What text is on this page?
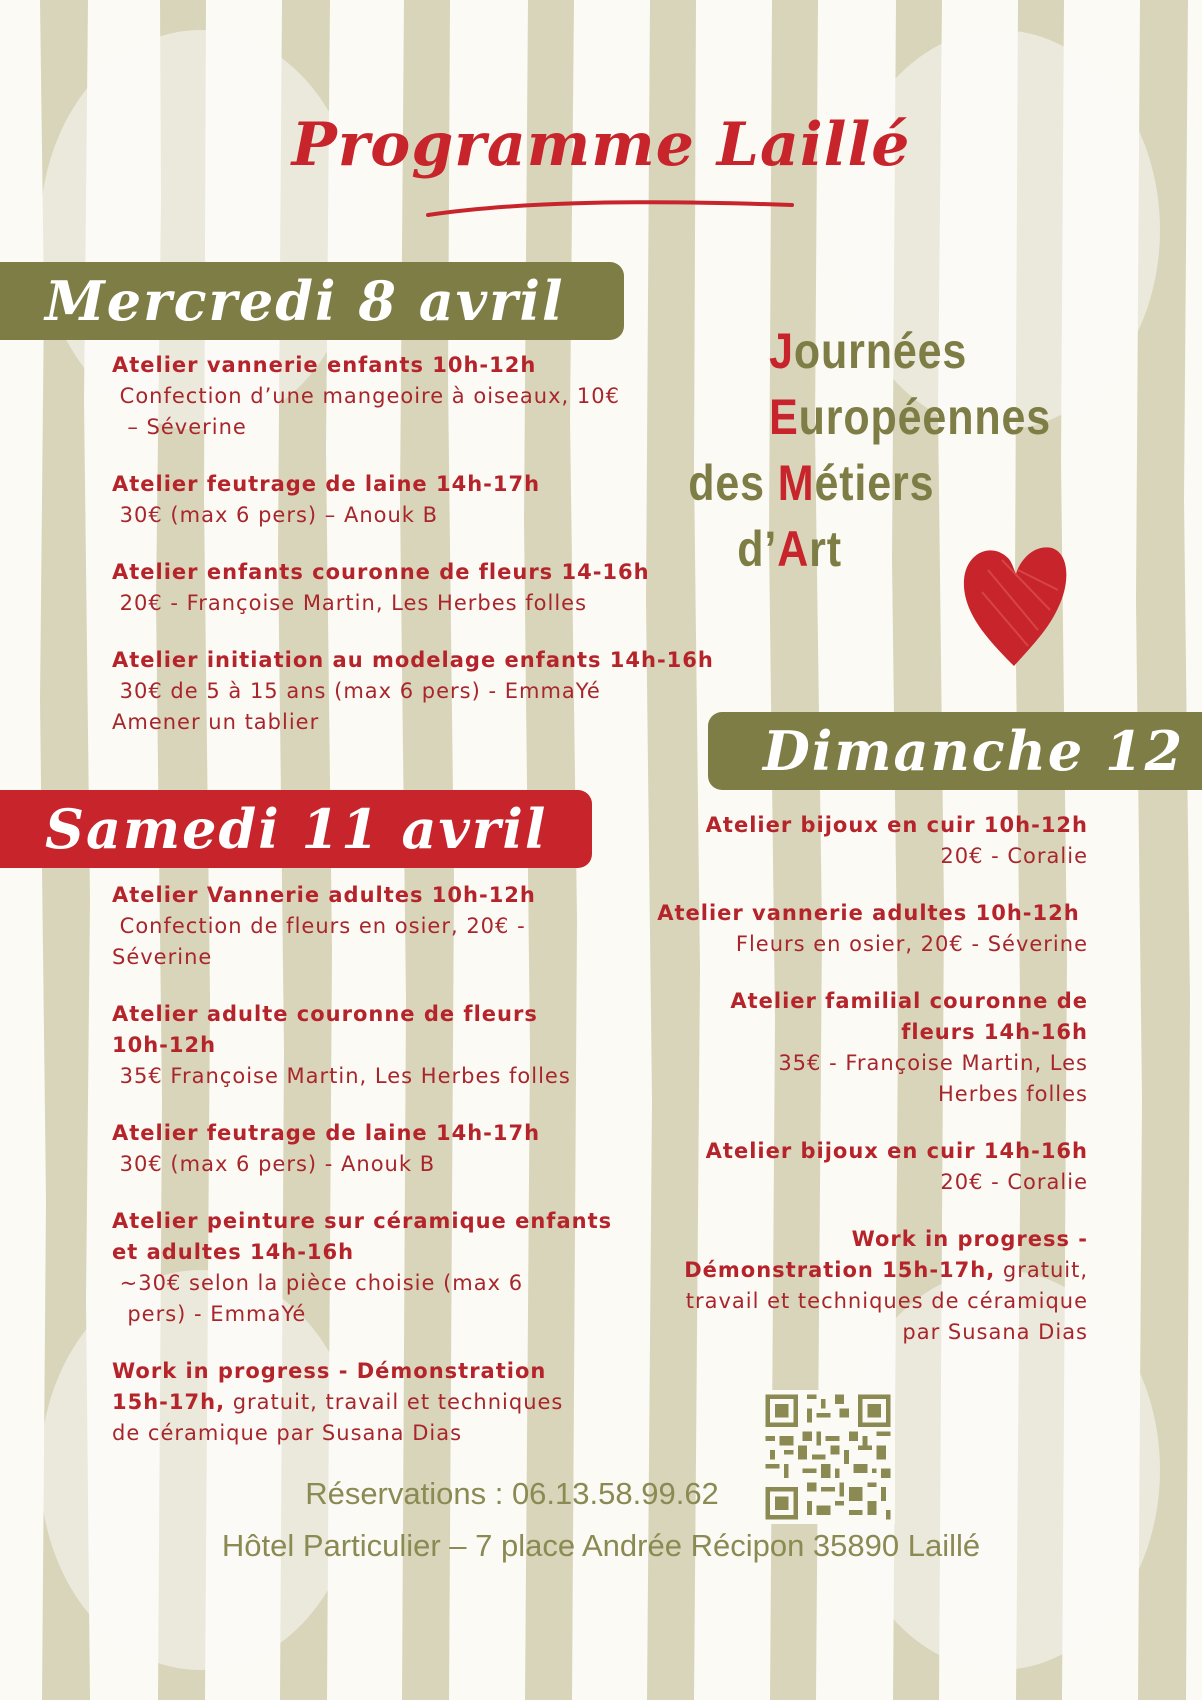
Programme Laillé
Mercredi 8 avril
Atelier vannerie enfants 10h-12h
Confection d’une mangeoire à oiseaux, 10€
– Séverine
Atelier feutrage de laine 14h-17h
30€ (max 6 pers) – Anouk B
Atelier enfants couronne de fleurs 14-16h
20€ - Françoise Martin, Les Herbes folles
Atelier initiation au modelage enfants 14h-16h
30€ de 5 à 15 ans (max 6 pers) - EmmaYé
Amener un tablier
Journées
Européennes
des Métiers
d’Art
Dimanche 12
Atelier bijoux en cuir 10h-12h
20€ - Coralie
Atelier vannerie adultes 10h-12h
Fleurs en osier, 20€ - Séverine
Atelier familial couronne de
fleurs 14h-16h
35€ - Françoise Martin, Les
Herbes folles
Atelier bijoux en cuir 14h-16h
20€ - Coralie
Work in progress -
Démonstration 15h-17h, gratuit,
travail et techniques de céramique
par Susana Dias
Samedi 11 avril
Atelier Vannerie adultes 10h-12h
Confection de fleurs en osier, 20€ -
Séverine
Atelier adulte couronne de fleurs
10h-12h
35€ Françoise Martin, Les Herbes folles
Atelier feutrage de laine 14h-17h
30€ (max 6 pers) - Anouk B
Atelier peinture sur céramique enfants
et adultes 14h-16h
~30€ selon la pièce choisie (max 6
pers) - EmmaYé
Work in progress - Démonstration
15h-17h, gratuit, travail et techniques
de céramique par Susana Dias
Réservations : 06.13.58.99.62
Hôtel Particulier – 7 place Andrée Récipon 35890 Laillé
